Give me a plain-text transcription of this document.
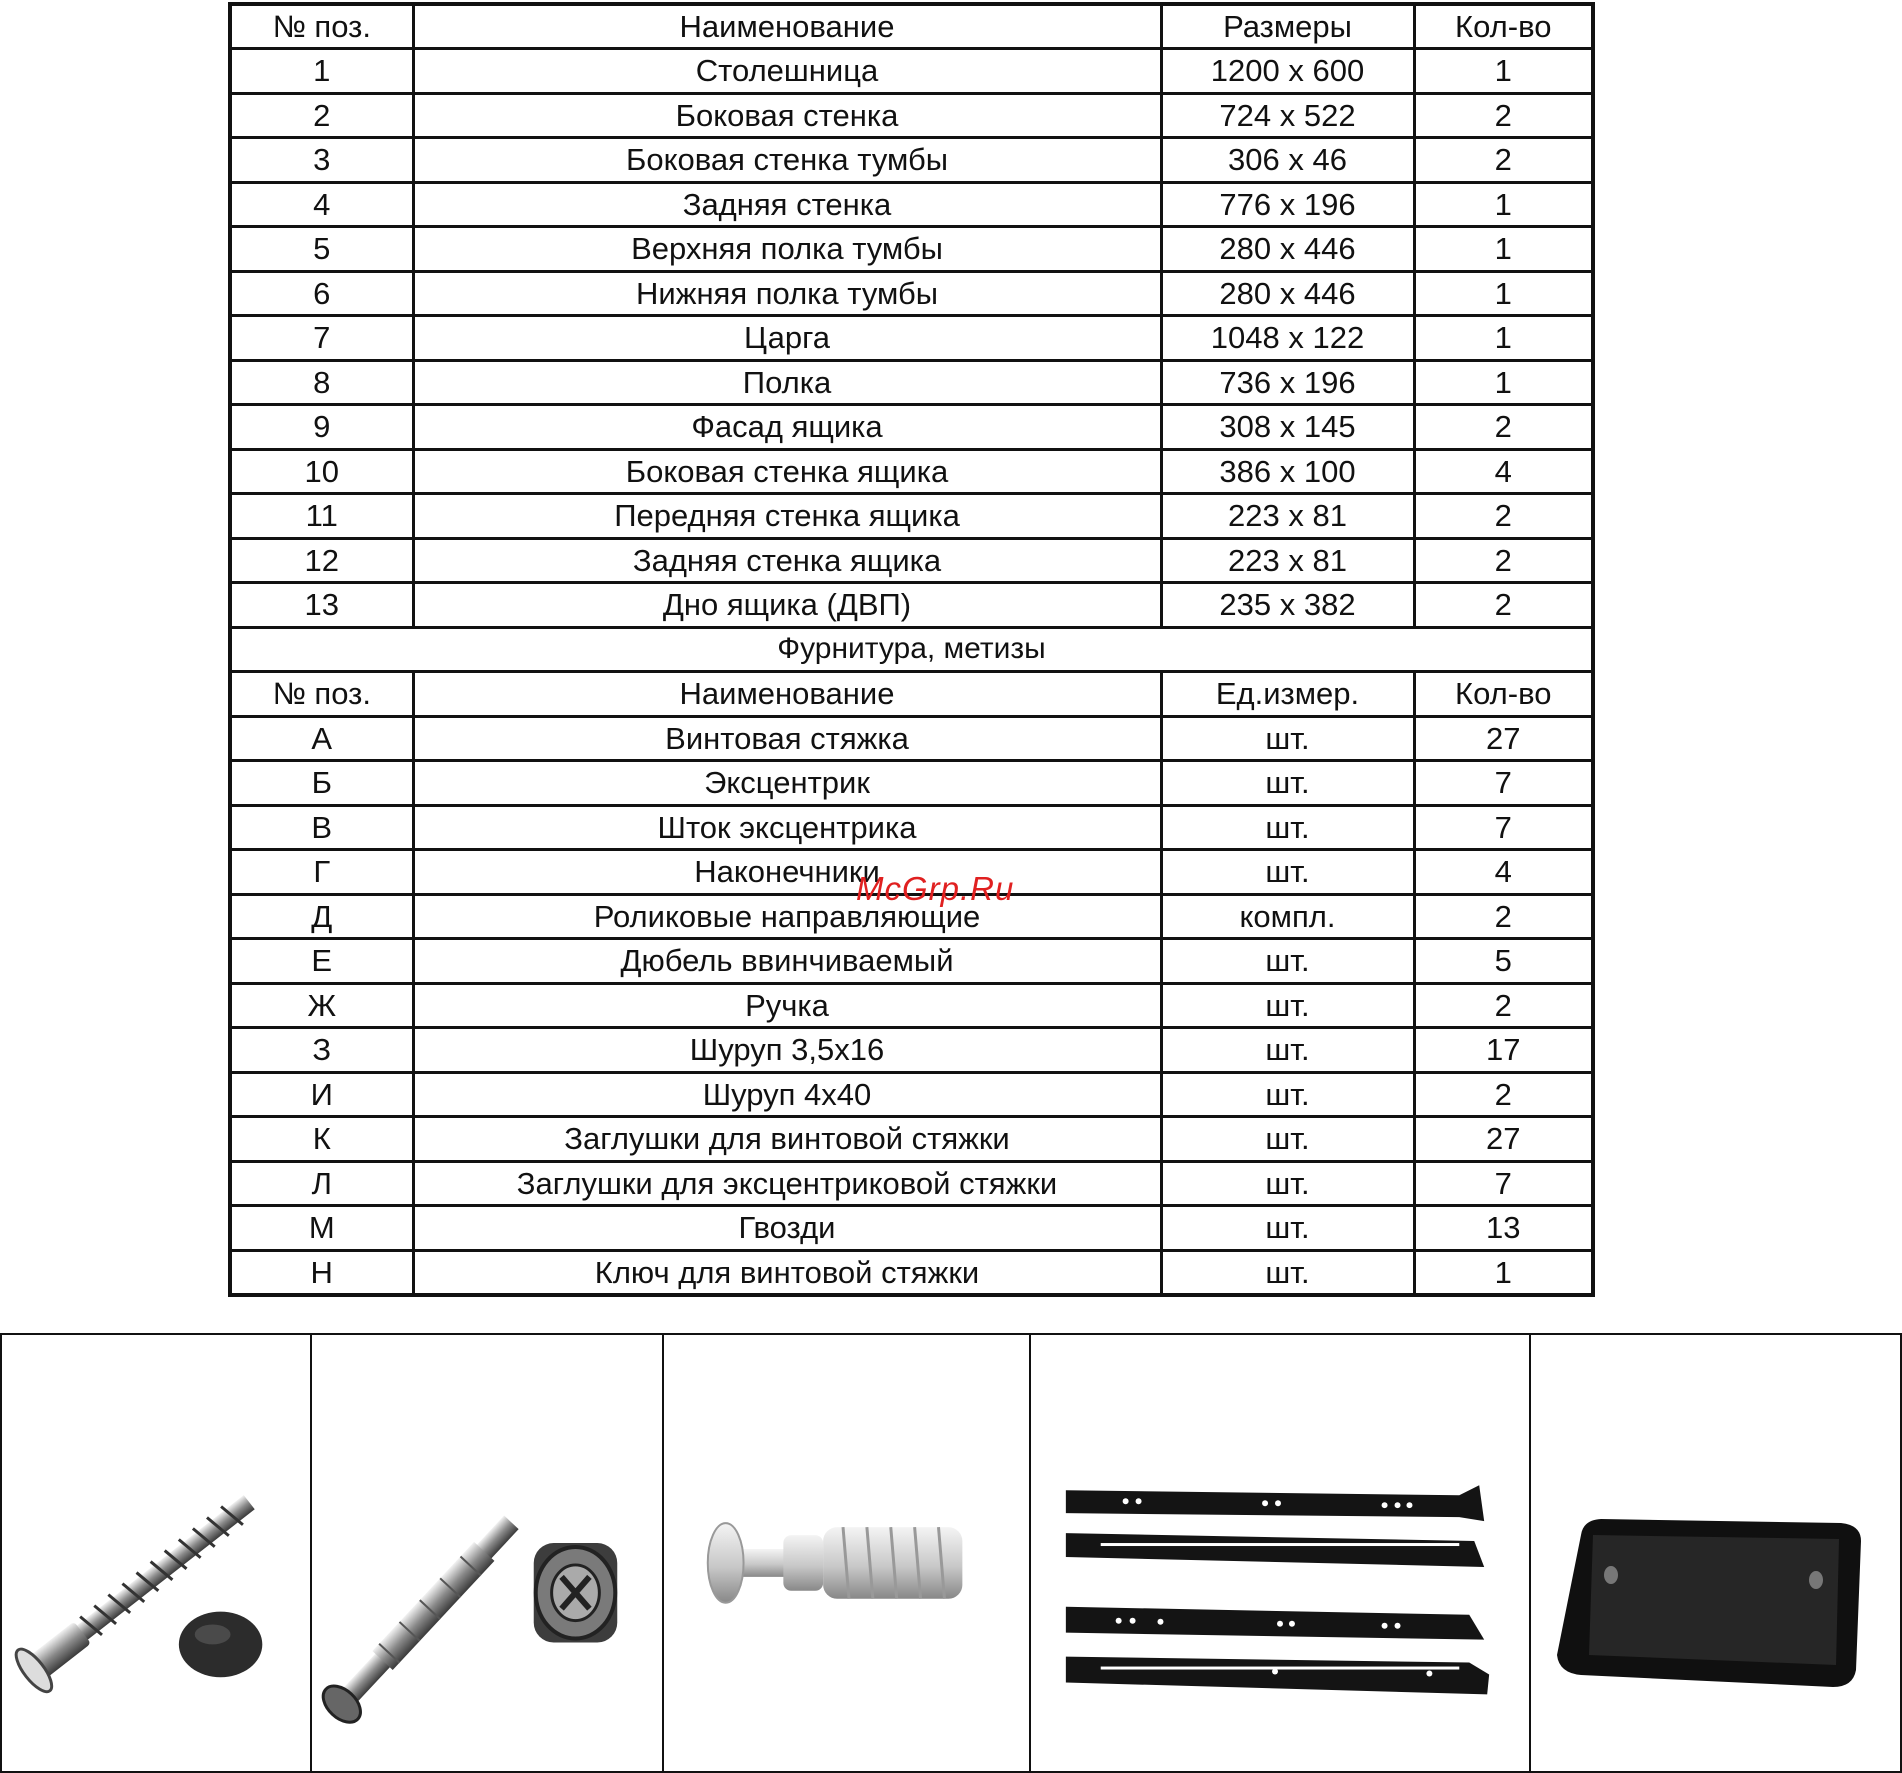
№ поз.	Наименование	Размеры	Кол-во
1	Столешница	1200 x 600	1
2	Боковая стенка	724 x 522	2
3	Боковая стенка тумбы	306 x 46	2
4	Задняя стенка	776 x 196	1
5	Верхняя полка тумбы	280 x 446	1
6	Нижняя полка тумбы	280 x 446	1
7	Царга	1048 x 122	1
8	Полка	736 x 196	1
9	Фасад ящика	308 x 145	2
10	Боковая стенка ящика	386 x 100	4
11	Передняя стенка ящика	223 x 81	2
12	Задняя стенка ящика	223 x 81	2
13	Дно ящика (ДВП)	235 x 382	2
Фурнитура, метизы			
№ поз.	Наименование	Ед.измер.	Кол-во
А	Винтовая стяжка	шт.	27
Б	Эксцентрик	шт.	7
В	Шток эксцентрика	шт.	7
Г	Наконечники	шт.	4
Д	Роликовые направляющие	компл.	2
Е	Дюбель ввинчиваемый	шт.	5
Ж	Ручка	шт.	2
З	Шуруп 3,5x16	шт.	17
И	Шуруп 4x40	шт.	2
К	Заглушки для винтовой стяжки	шт.	27
Л	Заглушки для эксцентриковой стяжки	шт.	7
М	Гвозди	шт.	13
Н	Ключ для винтовой стяжки	шт.	1
McGrp.Ru
